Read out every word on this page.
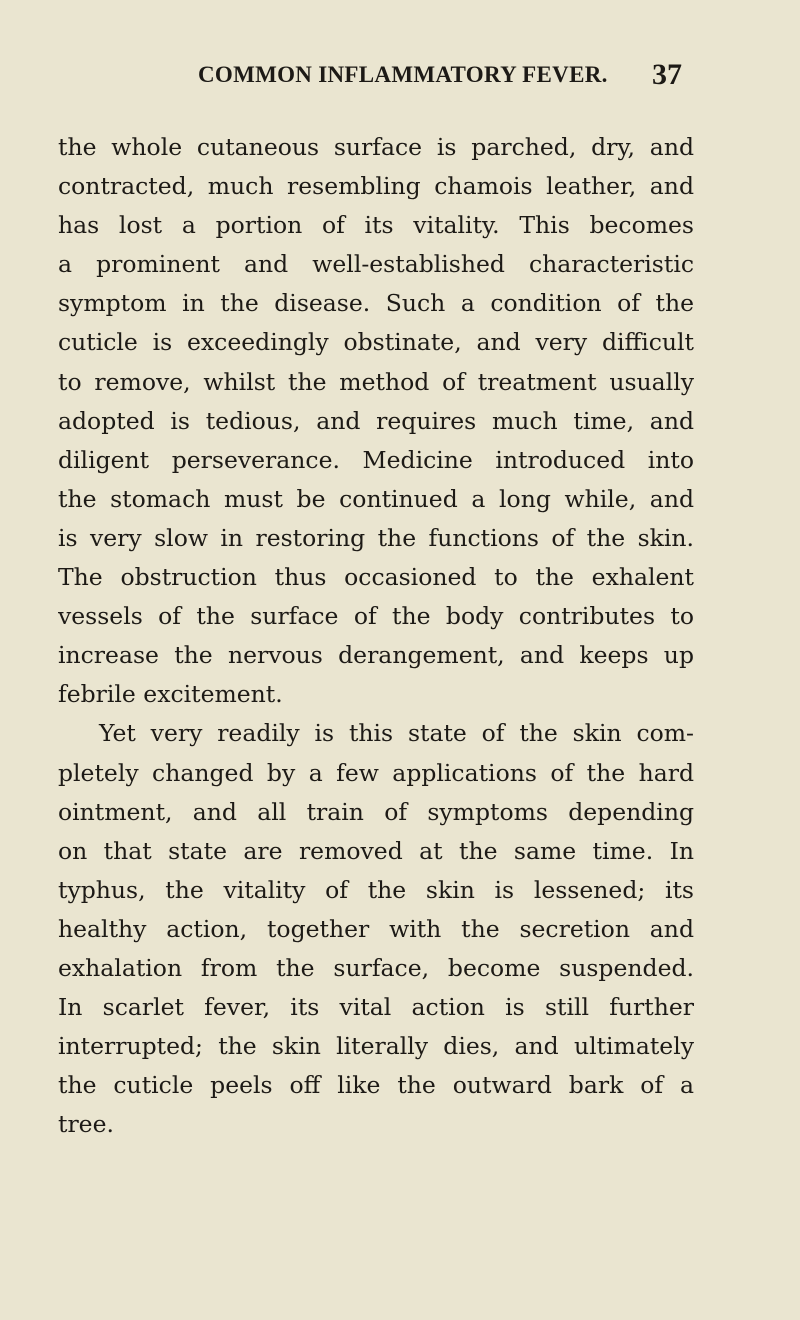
COMMON INFLAMMATORY FEVER. 37
the whole cutaneous surface is parched, dry, and
contracted, much resembling chamois leather, and
has lost a portion of its vitality. This becomes
a prominent and well-established characteristic
symptom in the disease. Such a condition of the
cuticle is exceedingly obstinate, and very difficult
to remove, whilst the method of treatment usually
adopted is tedious, and requires much time, and
diligent perseverance. Medicine introduced into
the stomach must be continued a long while, and
is very slow in restoring the functions of the skin.
The obstruction thus occasioned to the exhalent
vessels of the surface of the body contributes to
increase the nervous derangement, and keeps up
febrile excitement.
Yet very readily is this state of the skin com-
pletely changed by a few applications of the hard
ointment, and all train of symptoms depending
on that state are removed at the same time. In
typhus, the vitality of the skin is lessened; its
healthy action, together with the secretion and
exhalation from the surface, become suspended.
In scarlet fever, its vital action is still further
interrupted; the skin literally dies, and ultimately
the cuticle peels off like the outward bark of a
tree.
